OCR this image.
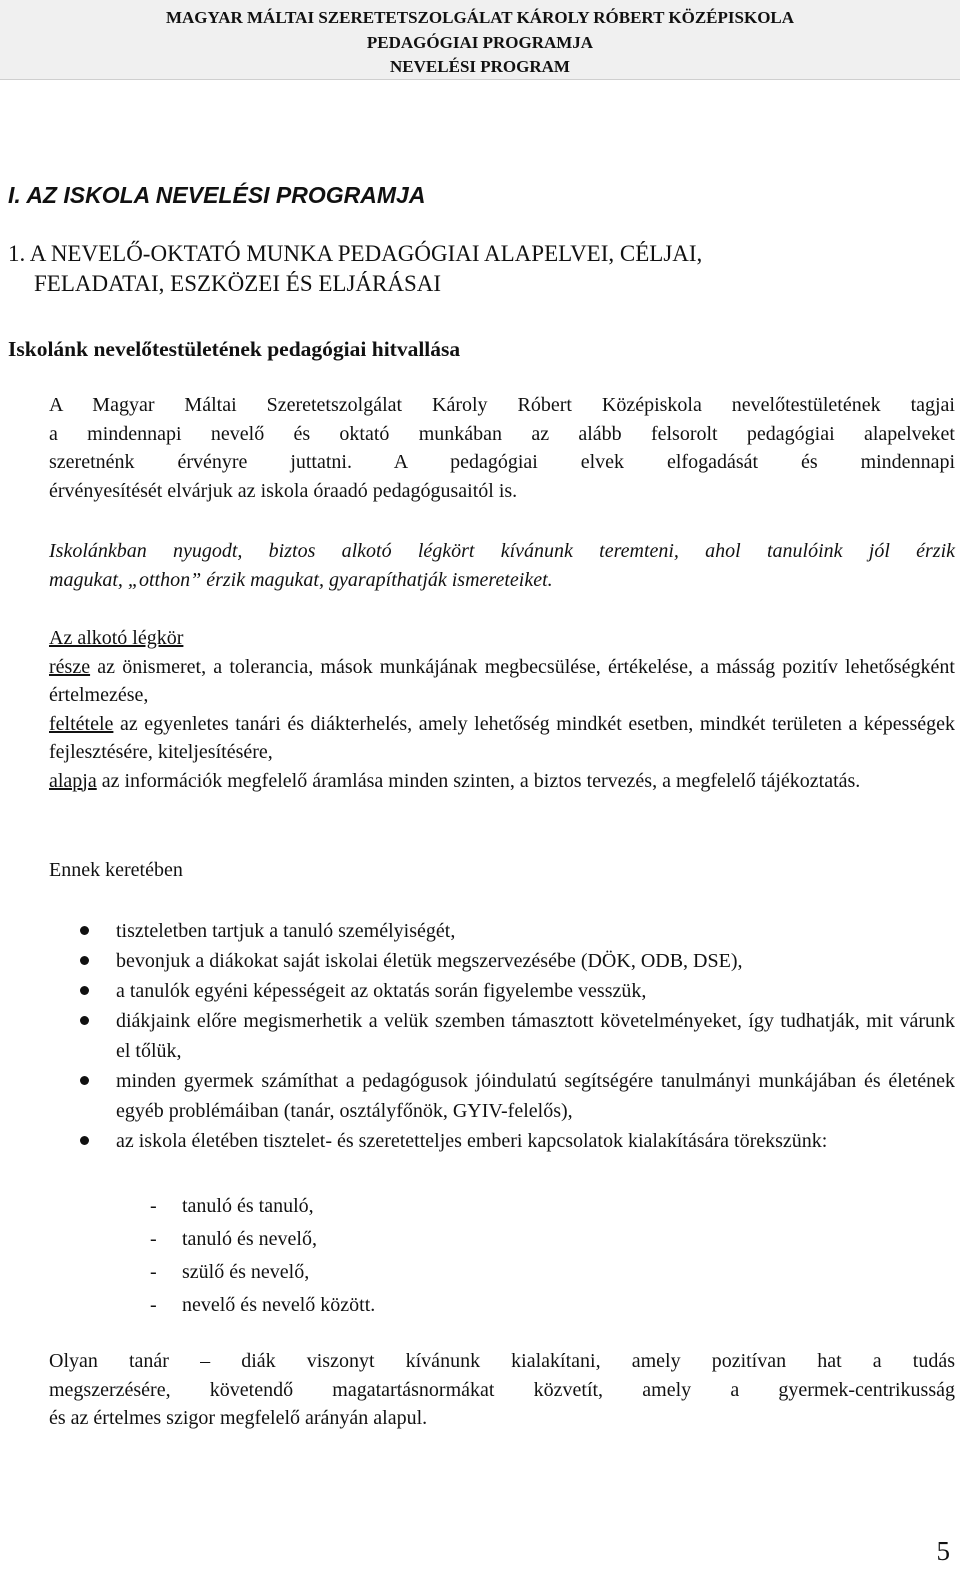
MAGYAR MÁLTAI SZERETETSZOLGÁLAT KÁROLY RÓBERT KÖZÉPISKOLA
PEDAGÓGIAI PROGRAMJA
NEVELÉSI PROGRAM
I. AZ ISKOLA NEVELÉSI PROGRAMJA
1. A NEVELŐ-OKTATÓ MUNKA PEDAGÓGIAI ALAPELVEI, CÉLJAI,
FELADATAI, ESZKÖZEI ÉS ELJÁRÁSAI
Iskolánk nevelőtestületének pedagógiai hitvallása
A Magyar Máltai Szeretetszolgálat Károly Róbert Középiskola nevelőtestületének tagjai
a mindennapi nevelő és oktató munkában az alább felsorolt pedagógiai alapelveket
szeretnénk érvényre juttatni. A pedagógiai elvek elfogadását és mindennapi
érvényesítését elvárjuk az iskola óraadó pedagógusaitól is.
Iskolánkban nyugodt, biztos alkotó légkört kívánunk teremteni, ahol tanulóink jól érzik
magukat, „otthon” érzik magukat, gyarapíthatják ismereteiket.
Az alkotó légkör
része az önismeret, a tolerancia, mások munkájának megbecsülése, értékelése, a másság pozitív lehetőségként értelmezése,
feltétele az egyenletes tanári és diákterhelés, amely lehetőség mindkét esetben, mindkét területen a képességek fejlesztésére, kiteljesítésére,
alapja az információk megfelelő áramlása minden szinten, a biztos tervezés, a megfelelő tájékoztatás.
Ennek keretében
tiszteletben tartjuk a tanuló személyiségét,
bevonjuk a diákokat saját iskolai életük megszervezésébe (DÖK, ODB, DSE),
a tanulók egyéni képességeit az oktatás során figyelembe vesszük,
diákjaink előre megismerhetik a velük szemben támasztott követelményeket, így tudhatják, mit várunk el tőlük,
minden gyermek számíthat a pedagógusok jóindulatú segítségére tanulmányi munkájában és életének egyéb problémáiban (tanár, osztályfőnök, GYIV-felelős),
az iskola életében tisztelet- és szeretetteljes emberi kapcsolatok kialakítására törekszünk:
- tanuló és tanuló,
- tanuló és nevelő,
- szülő és nevelő,
- nevelő és nevelő között.
Olyan tanár – diák viszonyt kívánunk kialakítani, amely pozitívan hat a tudás
megszerzésére, követendő magatartásnormákat közvetít, amely a gyermek-centrikusság
és az értelmes szigor megfelelő arányán alapul.
5
